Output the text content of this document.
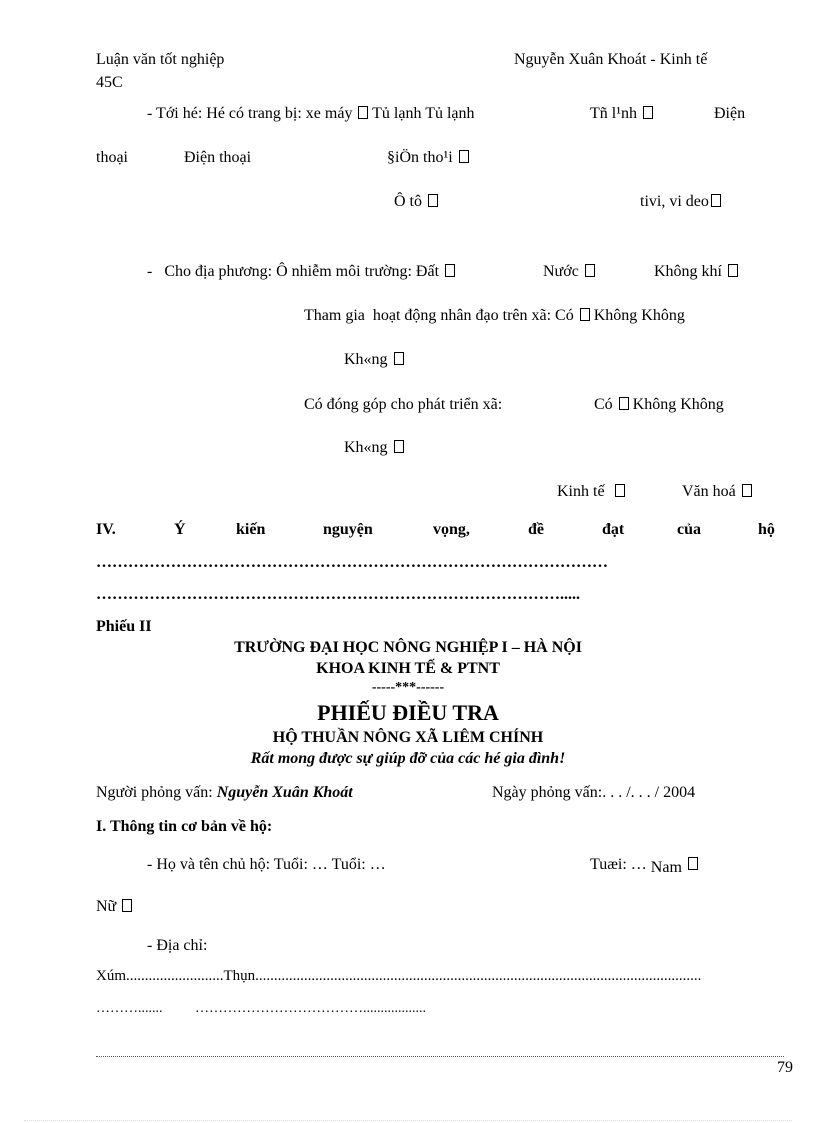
Luận văn tốt nghiệp	Nguyễn Xuân Khoát - Kinh tế
45C
- Tới hé: Hé có trang bị: xe máy Tủ lạnh Tủ lạnh	Tñ l¹nh	Điện
thoại	Điện thoại	§iÖn tho¹i
Ô tô	tivi, vi deo
-   Cho địa phương: Ô nhiễm môi trường: Đất	Nước	Không khí
Tham gia  hoạt động nhân đạo trên xã: Có Không Không
Kh«ng
Có đóng góp cho phát triển xã:	Có Không Không
Kh«ng
Kinh tế	Văn hoá
IV.	Ý	kiến	nguyện	vọng,	đề	đạt	của	hộ
……………………………………………………………………………………
…………………………………………………………………………….....
Phiếu II
TRƯỜNG ĐẠI HỌC NÔNG NGHIỆP I – HÀ NỘI
KHOA KINH TẾ & PTNT
-----***------
PHIẾU ĐIỀU TRA
HỘ THUẦN NÔNG XÃ LIÊM CHÍNH
Rất mong được sự giúp đỡ của các hé gia đình!
Người phỏng vấn: Nguyễn Xuân Khoát	Ngày phỏng vấn:. . . /. . . / 2004
I. Thông tin cơ bản về hộ:
- Họ và tên chủ hộ: Tuổi: … Tuổi: …	Tuæi: … Nam
Nữ
- Địa chỉ:
Xúm..........................Thụn.......................................................................................................................
………....... ………………………………..................
79
